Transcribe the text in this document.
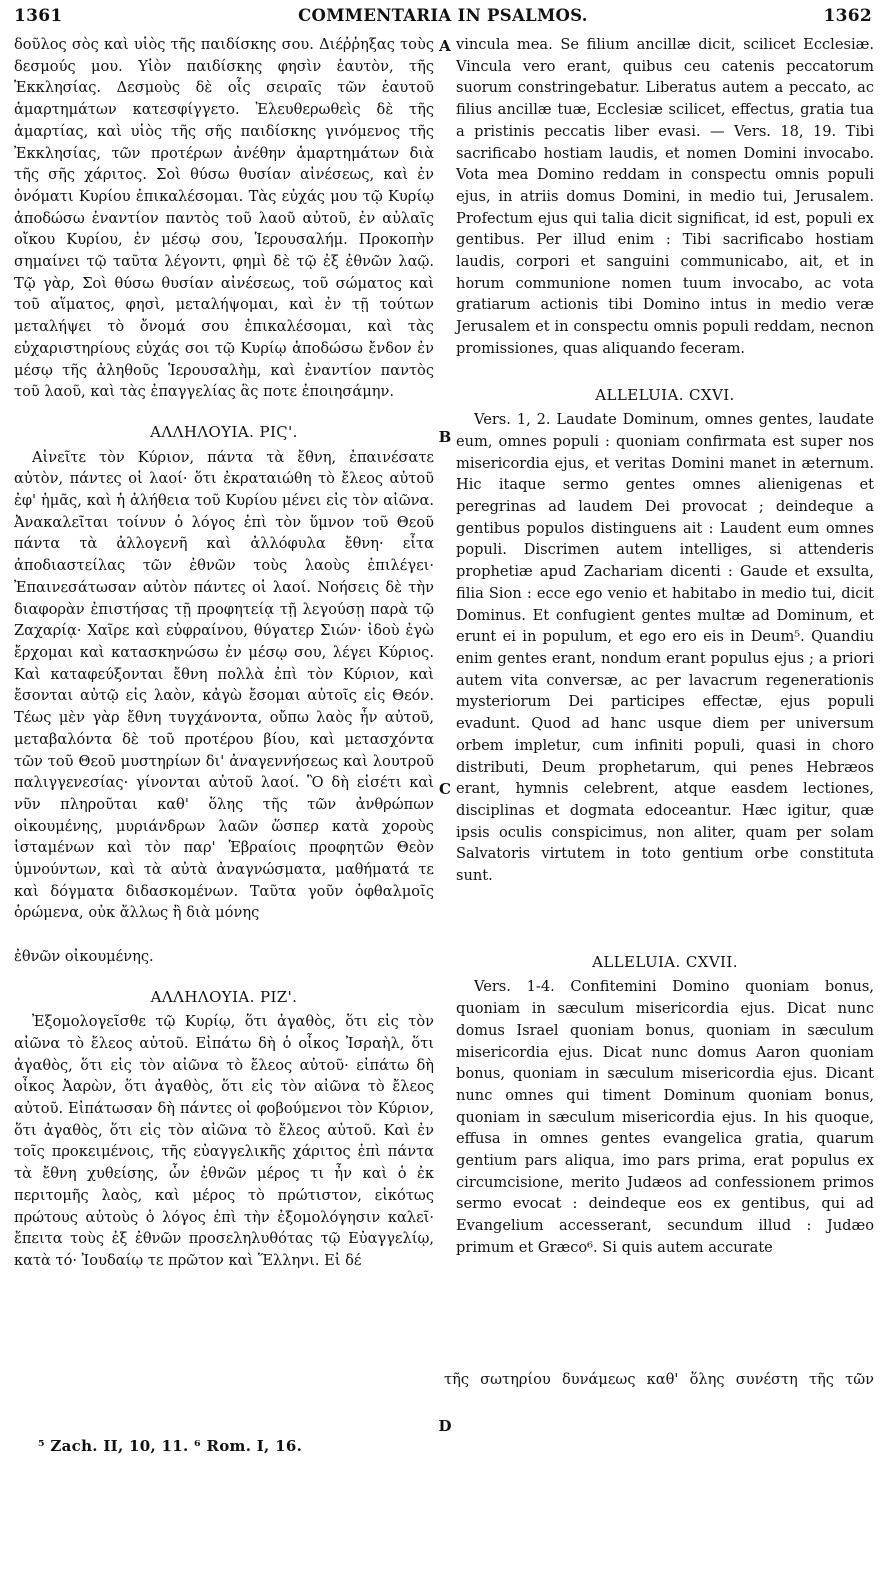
1361	COMMENTARIA IN PSALMOS.	1362
A
B
C
D

δοῦλος σὸς καὶ υἱὸς τῆς παιδίσκης σου. Διέῤῥηξας τοὺς δεσμούς μου. Υἱὸν παιδίσκης φησὶν ἑαυτὸν, τῆς Ἐκκλησίας. Δεσμοὺς δὲ οἷς σειραῖς τῶν ἑαυτοῦ ἁμαρτημάτων κατεσφίγγετο. Ἐλευθερωθεὶς δὲ τῆς ἁμαρτίας, καὶ υἱὸς τῆς σῆς παιδίσκης γινόμενος τῆς Ἐκκλησίας, τῶν προτέρων ἀνέθην ἁμαρτημάτων διὰ τῆς σῆς χάριτος. Σοὶ θύσω θυσίαν αἰνέσεως, καὶ ἐν ὀνόματι Κυρίου ἐπικαλέσομαι. Τὰς εὐχάς μου τῷ Κυρίῳ ἀποδώσω ἐναντίον παντὸς τοῦ λαοῦ αὐτοῦ, ἐν αὐλαῖς οἴκου Κυρίου, ἐν μέσῳ σου, Ἱερουσαλήμ. Προκοπὴν σημαίνει τῷ ταῦτα λέγοντι, φημὶ δὲ τῷ ἐξ ἐθνῶν λαῷ. Τῷ γὰρ, Σοὶ θύσω θυσίαν αἰνέσεως, τοῦ σώματος καὶ τοῦ αἵματος, φησὶ, μεταλήψομαι, καὶ ἐν τῇ τούτων μεταλήψει τὸ ὄνομά σου ἐπικαλέσομαι, καὶ τὰς εὐχαριστηρίους εὐχάς σοι τῷ Κυρίῳ ἀποδώσω ἔνδον ἐν μέσῳ τῆς ἀληθοῦς Ἱερουσαλὴμ, καὶ ἐναντίον παντὸς τοῦ λαοῦ, καὶ τὰς ἐπαγγελίας ἃς ποτε ἐποιησάμην.

ΑΛΛΗΛΟΥΙΑ. ΡΙϚ'.

Αἰνεῖτε τὸν Κύριον, πάντα τὰ ἔθνη, ἐπαινέσατε αὐτὸν, πάντες οἱ λαοί· ὅτι ἐκραταιώθη τὸ ἔλεος αὐτοῦ ἐφ' ἡμᾶς, καὶ ἡ ἀλήθεια τοῦ Κυρίου μένει εἰς τὸν αἰῶνα. Ἀνακαλεῖται τοίνυν ὁ λόγος ἐπὶ τὸν ὕμνον τοῦ Θεοῦ πάντα τὰ ἀλλογενῆ καὶ ἀλλόφυλα ἔθνη· εἶτα ἀποδιαστείλας τῶν ἐθνῶν τοὺς λαοὺς ἐπιλέγει· Ἐπαινεσάτωσαν αὐτὸν πάντες οἱ λαοί. Νοήσεις δὲ τὴν διαφορὰν ἐπιστήσας τῇ προφητείᾳ τῇ λεγούσῃ παρὰ τῷ Ζαχαρίᾳ· Χαῖρε καὶ εὐφραίνου, θύγατερ Σιών· ἰδοὺ ἐγὼ ἔρχομαι καὶ κατασκηνώσω ἐν μέσῳ σου, λέγει Κύριος. Καὶ καταφεύξονται ἔθνη πολλὰ ἐπὶ τὸν Κύριον, καὶ ἔσονται αὐτῷ εἰς λαὸν, κἀγὼ ἔσομαι αὐτοῖς εἰς Θεόν. Τέως μὲν γὰρ ἔθνη τυγχάνοντα, οὔπω λαὸς ἦν αὐτοῦ, μεταβαλόντα δὲ τοῦ προτέρου βίου, καὶ μετασχόντα τῶν τοῦ Θεοῦ μυστηρίων δι' ἀναγεννήσεως καὶ λουτροῦ παλιγγενεσίας· γίνονται αὐτοῦ λαοί. Ὃ δὴ εἰσέτι καὶ νῦν πληροῦται καθ' ὅλης τῆς τῶν ἀνθρώπων οἰκουμένης, μυριάνδρων λαῶν ὥσπερ κατὰ χοροὺς ἱσταμένων καὶ τὸν παρ' Ἑβραίοις προφητῶν Θεὸν ὑμνούντων, καὶ τὰ αὐτὰ ἀναγνώσματα, μαθήματά τε καὶ δόγματα διδασκομένων. Ταῦτα γοῦν ὀφθαλμοῖς ὁρώμενα, οὐκ ἄλλως ἢ διὰ μόνης

ἐθνῶν οἰκουμένης.

ΑΛΛΗΛΟΥΙΑ. ΡΙΖ'.

Ἐξομολογεῖσθε τῷ Κυρίῳ, ὅτι ἀγαθὸς, ὅτι εἰς τὸν αἰῶνα τὸ ἔλεος αὐτοῦ. Εἰπάτω δὴ ὁ οἶκος Ἰσραὴλ, ὅτι ἀγαθὸς, ὅτι εἰς τὸν αἰῶνα τὸ ἔλεος αὐτοῦ· εἰπάτω δὴ οἶκος Ἀαρὼν, ὅτι ἀγαθὸς, ὅτι εἰς τὸν αἰῶνα τὸ ἔλεος αὐτοῦ. Εἰπάτωσαν δὴ πάντες οἱ φοβούμενοι τὸν Κύριον, ὅτι ἀγαθὸς, ὅτι εἰς τὸν αἰῶνα τὸ ἔλεος αὐτοῦ. Καὶ ἐν τοῖς προκειμένοις, τῆς εὐαγγελικῆς χάριτος ἐπὶ πάντα τὰ ἔθνη χυθείσης, ὧν ἐθνῶν μέρος τι ἦν καὶ ὁ ἐκ περιτομῆς λαὸς, καὶ μέρος τὸ πρώτιστον, εἰκότως πρώτους αὐτοὺς ὁ λόγος ἐπὶ τὴν ἐξομολόγησιν καλεῖ· ἔπειτα τοὺς ἐξ ἐθνῶν προσεληλυθότας τῷ Εὐαγγελίῳ, κατὰ τό· Ἰουδαίῳ τε πρῶτον καὶ Ἕλληνι. Εἰ δέ

vincula mea. Se filium ancillæ dicit, scilicet Ecclesiæ. Vincula vero erant, quibus ceu catenis peccatorum suorum constringebatur. Liberatus autem a peccato, ac filius ancillæ tuæ, Ecclesiæ scilicet, effectus, gratia tua a pristinis peccatis liber evasi. — Vers. 18, 19. Tibi sacrificabo hostiam laudis, et nomen Domini invocabo. Vota mea Domino reddam in conspectu omnis populi ejus, in atriis domus Domini, in medio tui, Jerusalem. Profectum ejus qui talia dicit significat, id est, populi ex gentibus. Per illud enim : Tibi sacrificabo hostiam laudis, corpori et sanguini communicabo, ait, et in horum communione nomen tuum invocabo, ac vota gratiarum actionis tibi Domino intus in medio veræ Jerusalem et in conspectu omnis populi reddam, necnon promissiones, quas aliquando feceram.

ALLELUIA. CXVI.

Vers. 1, 2. Laudate Dominum, omnes gentes, laudate eum, omnes populi : quoniam confirmata est super nos misericordia ejus, et veritas Domini manet in æternum. Hic itaque sermo gentes omnes alienigenas et peregrinas ad laudem Dei provocat ; deindeque a gentibus populos distinguens ait : Laudent eum omnes populi. Discrimen autem intelliges, si attenderis prophetiæ apud Zachariam dicenti : Gaude et exsulta, filia Sion : ecce ego venio et habitabo in medio tui, dicit Dominus. Et confugient gentes multæ ad Dominum, et erunt ei in populum, et ego ero eis in Deum⁵. Quandiu enim gentes erant, nondum erant populus ejus ; a priori autem vita conversæ, ac per lavacrum regenerationis mysteriorum Dei participes effectæ, ejus populi evadunt. Quod ad hanc usque diem per universum orbem impletur, cum infiniti populi, quasi in choro distributi, Deum prophetarum, qui penes Hebræos erant, hymnis celebrent, atque easdem lectiones, disciplinas et dogmata edoceantur. Hæc igitur, quæ ipsis oculis conspicimus, non aliter, quam per solam Salvatoris virtutem in toto gentium orbe constituta sunt.

ALLELUIA. CXVII.

Vers. 1-4. Confitemini Domino quoniam bonus, quoniam in sæculum misericordia ejus. Dicat nunc domus Israel quoniam bonus, quoniam in sæculum misericordia ejus. Dicat nunc domus Aaron quoniam bonus, quoniam in sæculum misericordia ejus. Dicant nunc omnes qui timent Dominum quoniam bonus, quoniam in sæculum misericordia ejus. In his quoque, effusa in omnes gentes evangelica gratia, quarum gentium pars aliqua, imo pars prima, erat populus ex circumcisione, merito Judæos ad confessionem primos sermo evocat : deindeque eos ex gentibus, qui ad Evangelium accesserant, secundum illud : Judæo primum et Græco⁶. Si quis autem accurate

τῆς σωτηρίου δυνάμεως καθ' ὅλης συνέστη τῆς τῶν
⁵ Zach. II, 10, 11. ⁶ Rom. I, 16.
